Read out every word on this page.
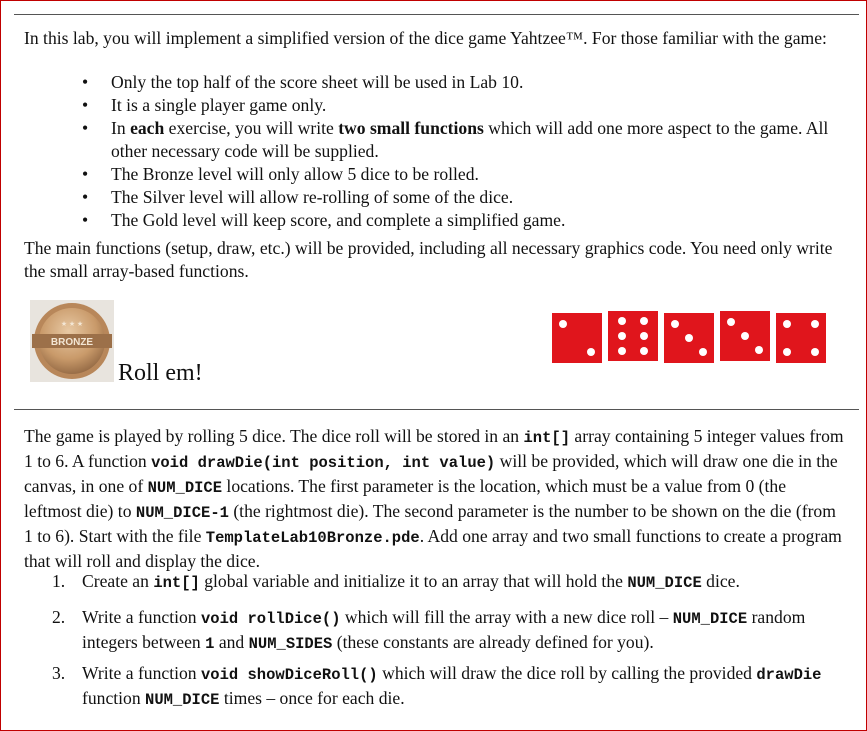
In this lab, you will implement a simplified version of the dice game Yahtzee™. For those familiar with the game:

• Only the top half of the score sheet will be used in Lab 10.
• It is a single player game only.
• In each exercise, you will write two small functions which will add one more aspect to the game. All other necessary code will be supplied.
• The Bronze level will only allow 5 dice to be rolled.
• The Silver level will allow re-rolling of some of the dice.
• The Gold level will keep score, and complete a simplified game.

The main functions (setup, draw, etc.) will be provided, including all necessary graphics code. You need only write the small array-based functions.

BRONZE
★ ★ ★
Roll em!

The game is played by rolling 5 dice. The dice roll will be stored in an int[] array containing 5 integer values from 1 to 6. A function void drawDie(int position, int value) will be provided, which will draw one die in the canvas, in one of NUM_DICE locations. The first parameter is the location, which must be a value from 0 (the leftmost die) to NUM_DICE-1 (the rightmost die). The second parameter is the number to be shown on the die (from 1 to 6). Start with the file TemplateLab10Bronze.pde. Add one array and two small functions to create a program that will roll and display the dice.

1. Create an int[] global variable and initialize it to an array that will hold the NUM_DICE dice.
2. Write a function void rollDice() which will fill the array with a new dice roll – NUM_DICE random integers between 1 and NUM_SIDES (these constants are already defined for you).
3. Write a function void showDiceRoll() which will draw the dice roll by calling the provided drawDie function NUM_DICE times – once for each die.
